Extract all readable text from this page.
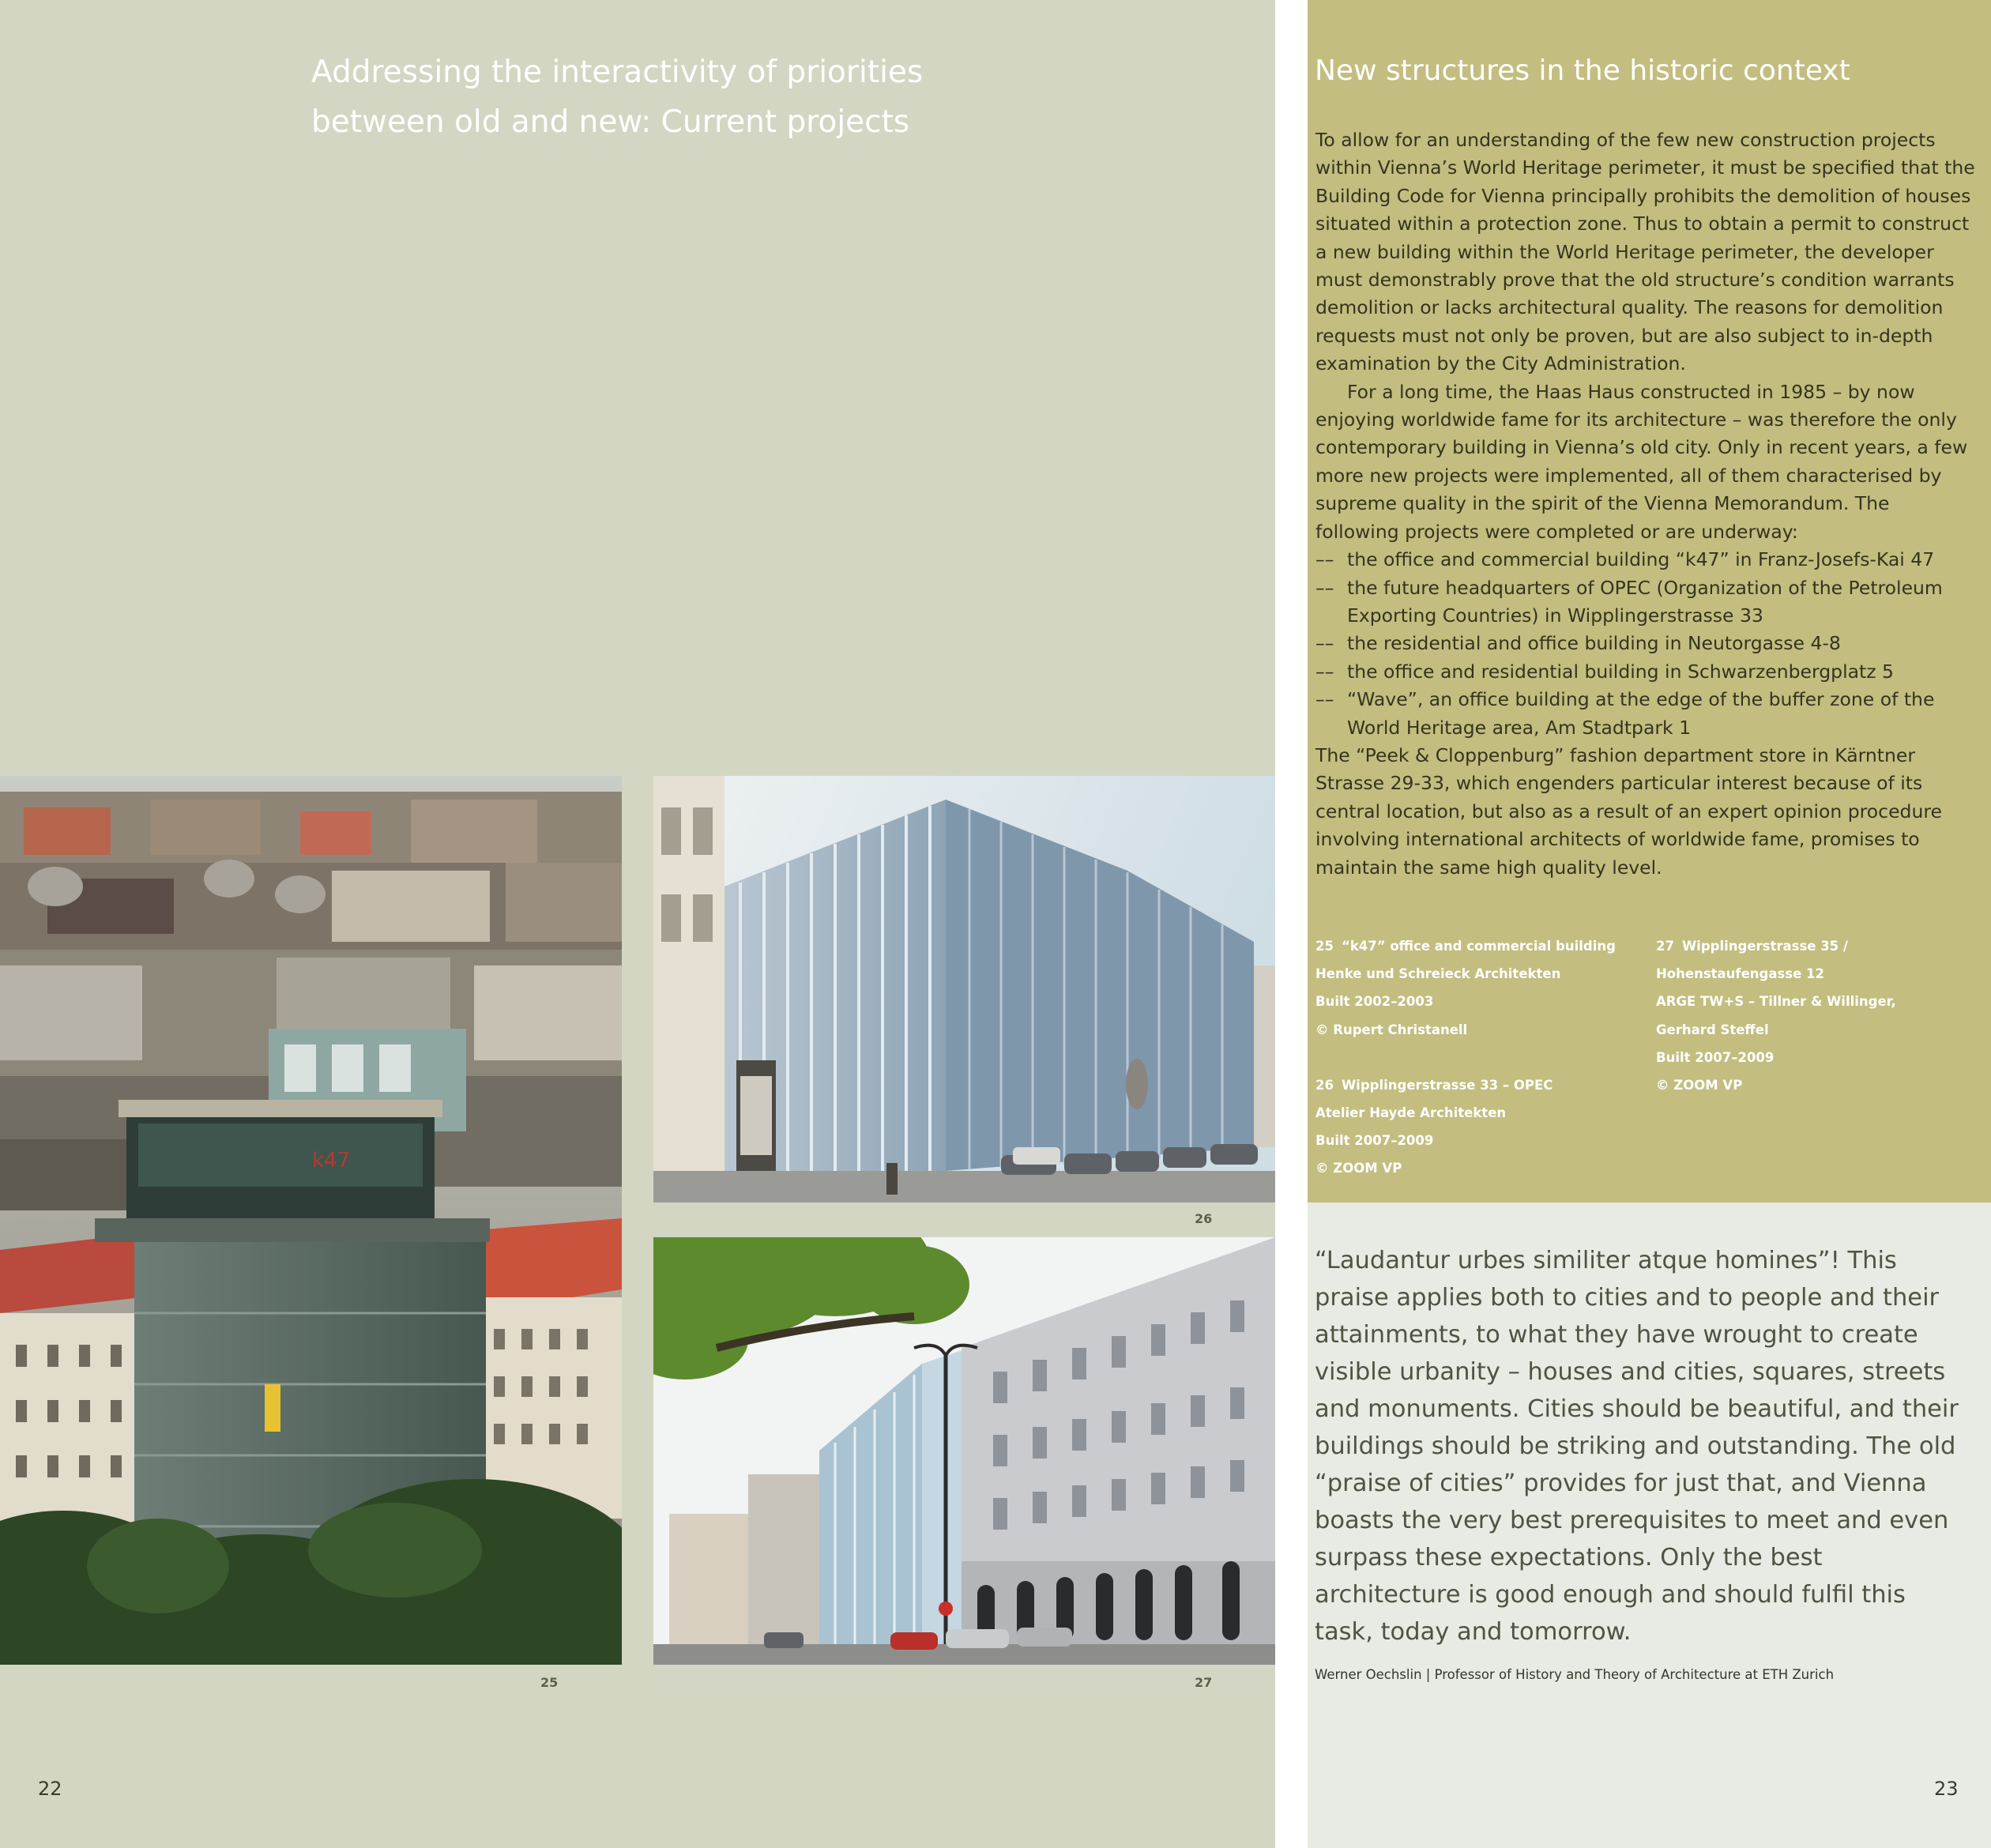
Addressing the interactivity of priorities
between old and new: Current projects
k47
25
26
27
22
New structures in the historic context

To allow for an understanding of the few new construction projects within Vienna’s World Heritage perimeter, it must be specified that the Building Code for Vienna principally prohibits the demolition of houses situated within a protection zone. Thus to obtain a permit to construct a new building within the World Heritage perimeter, the developer must demonstrably prove that the old structure’s condition warrants demolition or lacks architectural quality. The reasons for demolition requests must not only be proven, but are also subject to in-depth examination by the City Administration.

For a long time, the Haas Haus constructed in 1985 – by now enjoying worldwide fame for its architecture – was therefore the only contemporary building in Vienna’s old city. Only in recent years, a few more new projects were implemented, all of them characterised by supreme quality in the spirit of the Vienna Memorandum. The following projects were completed or are underway:

–– the office and commercial building “k47” in Franz-Josefs-Kai 47

–– the future headquarters of OPEC (Organization of the Petroleum Exporting Countries) in Wipplingerstrasse 33

–– the residential and office building in Neutorgasse 4-8

–– the office and residential building in Schwarzenbergplatz 5

–– “Wave”, an office building at the edge of the buffer zone of the World Heritage area, Am Stadtpark 1

The “Peek & Cloppenburg” fashion department store in Kärntner Strasse 29-33, which engenders particular interest because of its central location, but also as a result of an expert opinion procedure involving international architects of worldwide fame, promises to maintain the same high quality level.

25 “k47” office and commercial building
Henke und Schreieck Architekten
Built 2002–2003
© Rupert Christanell
26 Wipplingerstrasse 33 – OPEC
Atelier Hayde Architekten
Built 2007–2009
© ZOOM VP
27 Wipplingerstrasse 35 /
Hohenstaufengasse 12
ARGE TW+S – Tillner & Willinger,
Gerhard Steffel
Built 2007–2009
© ZOOM VP

“Laudantur urbes similiter atque homines”! This praise applies both to cities and to people and their attainments, to what they have wrought to create visible urbanity – houses and cities, squares, streets and monuments. Cities should be beautiful, and their buildings should be striking and outstanding. The old “praise of cities” provides for just that, and Vienna boasts the very best prerequisites to meet and even surpass these expectations. Only the best architecture is good enough and should fulfil this task, today and tomorrow.

Werner Oechslin | Professor of History and Theory of Architecture at ETH Zurich
23
